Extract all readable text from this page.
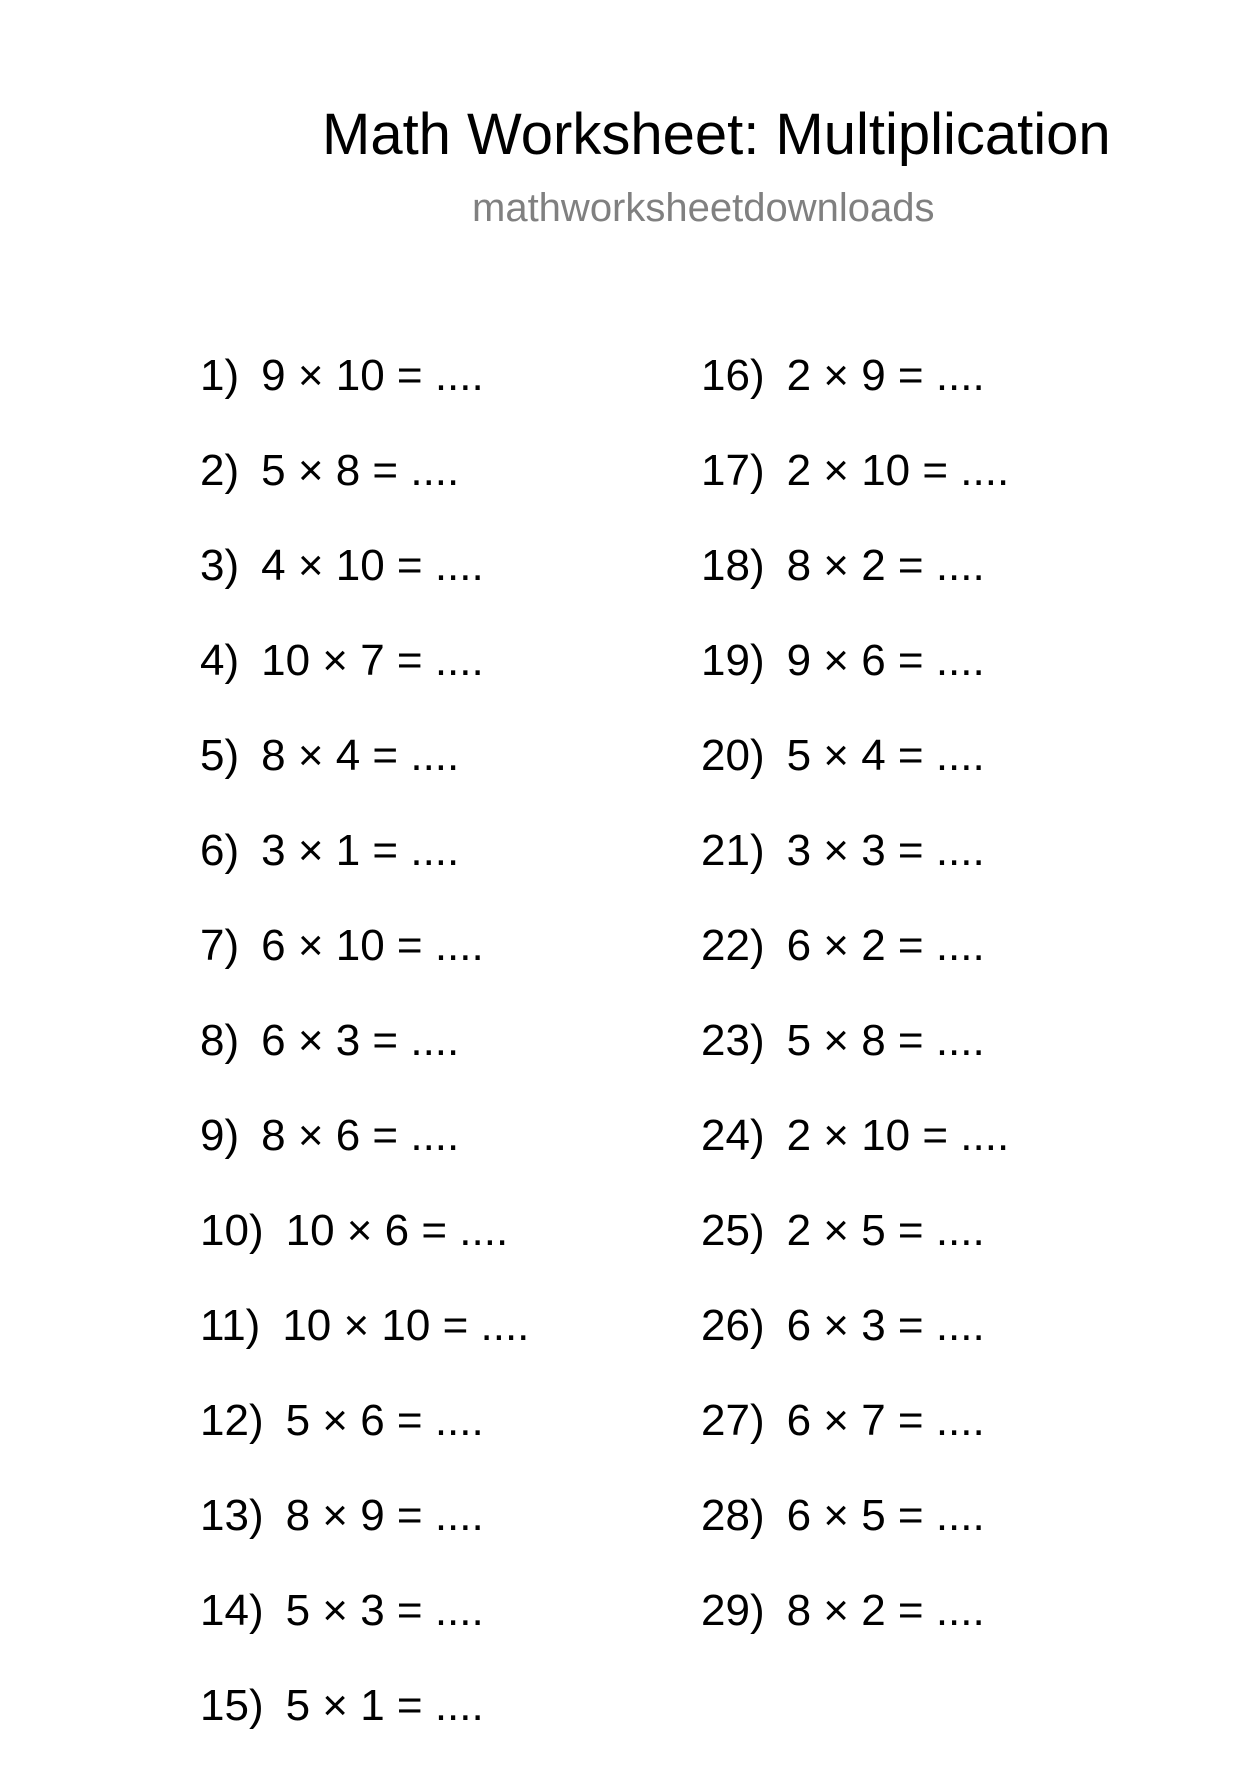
Math Worksheet: Multiplication
mathworksheetdownloads
1) 9 × 10 = ....
2) 5 × 8 = ....
3) 4 × 10 = ....
4) 10 × 7 = ....
5) 8 × 4 = ....
6) 3 × 1 = ....
7) 6 × 10 = ....
8) 6 × 3 = ....
9) 8 × 6 = ....
10) 10 × 6 = ....
11) 10 × 10 = ....
12) 5 × 6 = ....
13) 8 × 9 = ....
14) 5 × 3 = ....
15) 5 × 1 = ....
16) 2 × 9 = ....
17) 2 × 10 = ....
18) 8 × 2 = ....
19) 9 × 6 = ....
20) 5 × 4 = ....
21) 3 × 3 = ....
22) 6 × 2 = ....
23) 5 × 8 = ....
24) 2 × 10 = ....
25) 2 × 5 = ....
26) 6 × 3 = ....
27) 6 × 7 = ....
28) 6 × 5 = ....
29) 8 × 2 = ....
